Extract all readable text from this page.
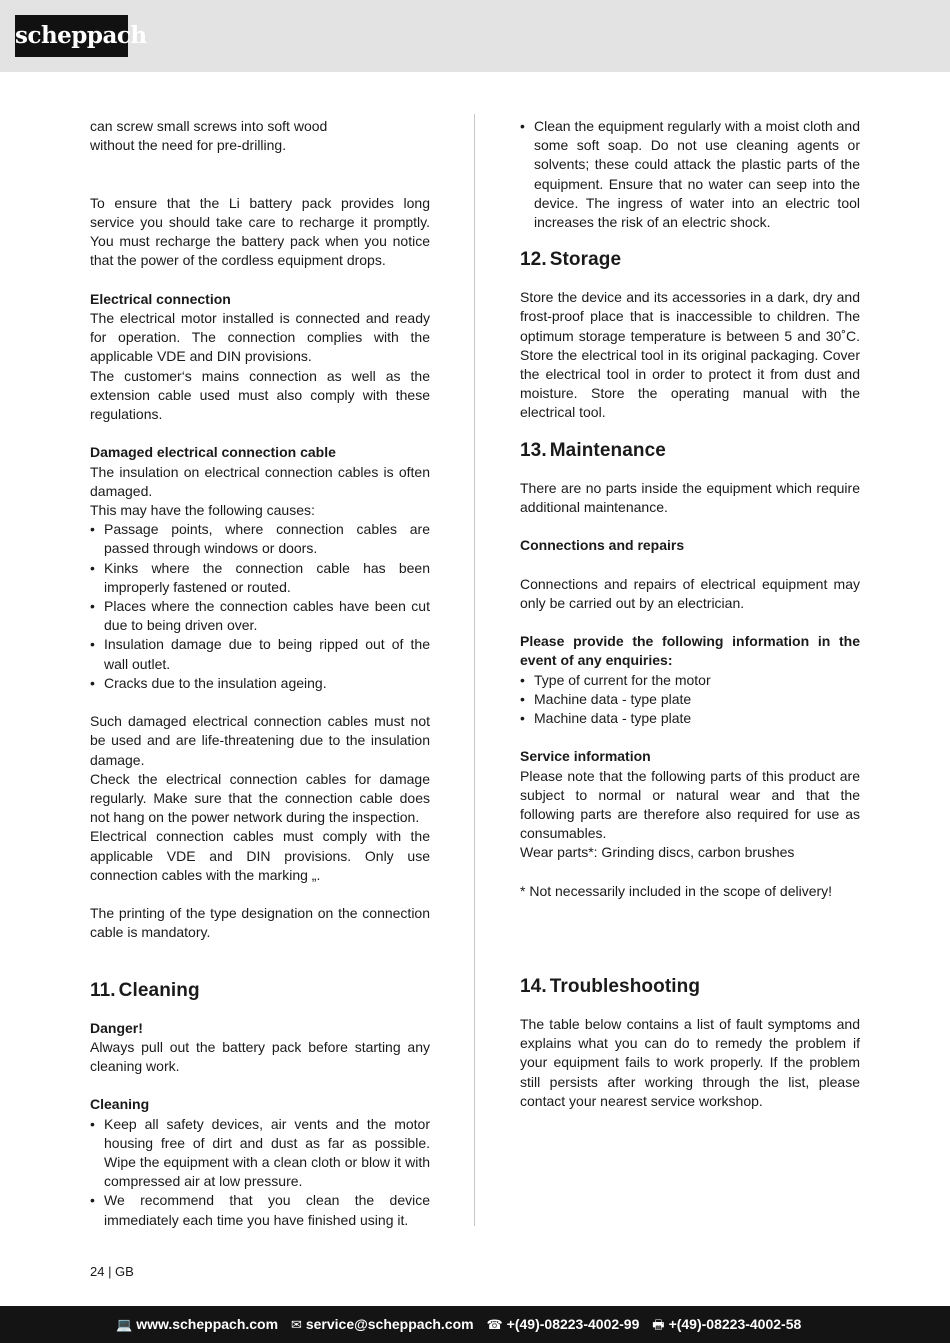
scheppach

can screw small screws into soft wood without the need for pre-drilling.

To ensure that the Li battery pack provides long service you should take care to recharge it promptly. You must recharge the battery pack when you notice that the power of the cordless equipment drops.

Electrical connection

The electrical motor installed is connected and ready for operation. The connection complies with the applicable VDE and DIN provisions.

The customer‘s mains connection as well as the extension cable used must also comply with these regulations.

Damaged electrical connection cable

The insulation on electrical connection cables is often damaged.

This may have the following causes:

• Passage points, where connection cables are passed through windows or doors.

• Kinks where the connection cable has been improperly fastened or routed.

• Places where the connection cables have been cut due to being driven over.

• Insulation damage due to being ripped out of the wall outlet.

• Cracks due to the insulation ageing.

Such damaged electrical connection cables must not be used and are life-threatening due to the insulation damage.

Check the electrical connection cables for damage regularly. Make sure that the connection cable does not hang on the power network during the inspection.

Electrical connection cables must comply with the applicable VDE and DIN provisions. Only use connection cables with the marking „.

The printing of the type designation on the connection cable is mandatory.

11. Cleaning

Danger!

Always pull out the battery pack before starting any cleaning work.

Cleaning

• Keep all safety devices, air vents and the motor housing free of dirt and dust as far as possible. Wipe the equipment with a clean cloth or blow it with compressed air at low pressure.

• We recommend that you clean the device immediately each time you have finished using it.

• Clean the equipment regularly with a moist cloth and some soft soap. Do not use cleaning agents or solvents; these could attack the plastic parts of the equipment. Ensure that no water can seep into the device. The ingress of water into an electric tool increases the risk of an electric shock.

12. Storage

Store the device and its accessories in a dark, dry and frost-proof place that is inaccessible to children. The optimum storage temperature is between 5 and 30˚C. Store the electrical tool in its original packaging. Cover the electrical tool in order to protect it from dust and moisture. Store the operating manual with the electrical tool.

13. Maintenance

There are no parts inside the equipment which require additional maintenance.

Connections and repairs

Connections and repairs of electrical equipment may only be carried out by an electrician.

Please provide the following information in the event of any enquiries:

• Type of current for the motor

• Machine data - type plate

• Machine data - type plate

Service information

Please note that the following parts of this product are subject to normal or natural wear and that the following parts are therefore also required for use as consumables.

Wear parts*: Grinding discs, carbon brushes

* Not necessarily included in the scope of delivery!

14. Troubleshooting

The table below contains a list of fault symptoms and explains what you can do to remedy the problem if your equipment fails to work properly. If the problem still persists after working through the list, please contact your nearest service workshop.

24 | GB
💻 www.scheppach.com ✉ service@scheppach.com ☎ +(49)-08223-4002-99 🖶 +(49)-08223-4002-58
